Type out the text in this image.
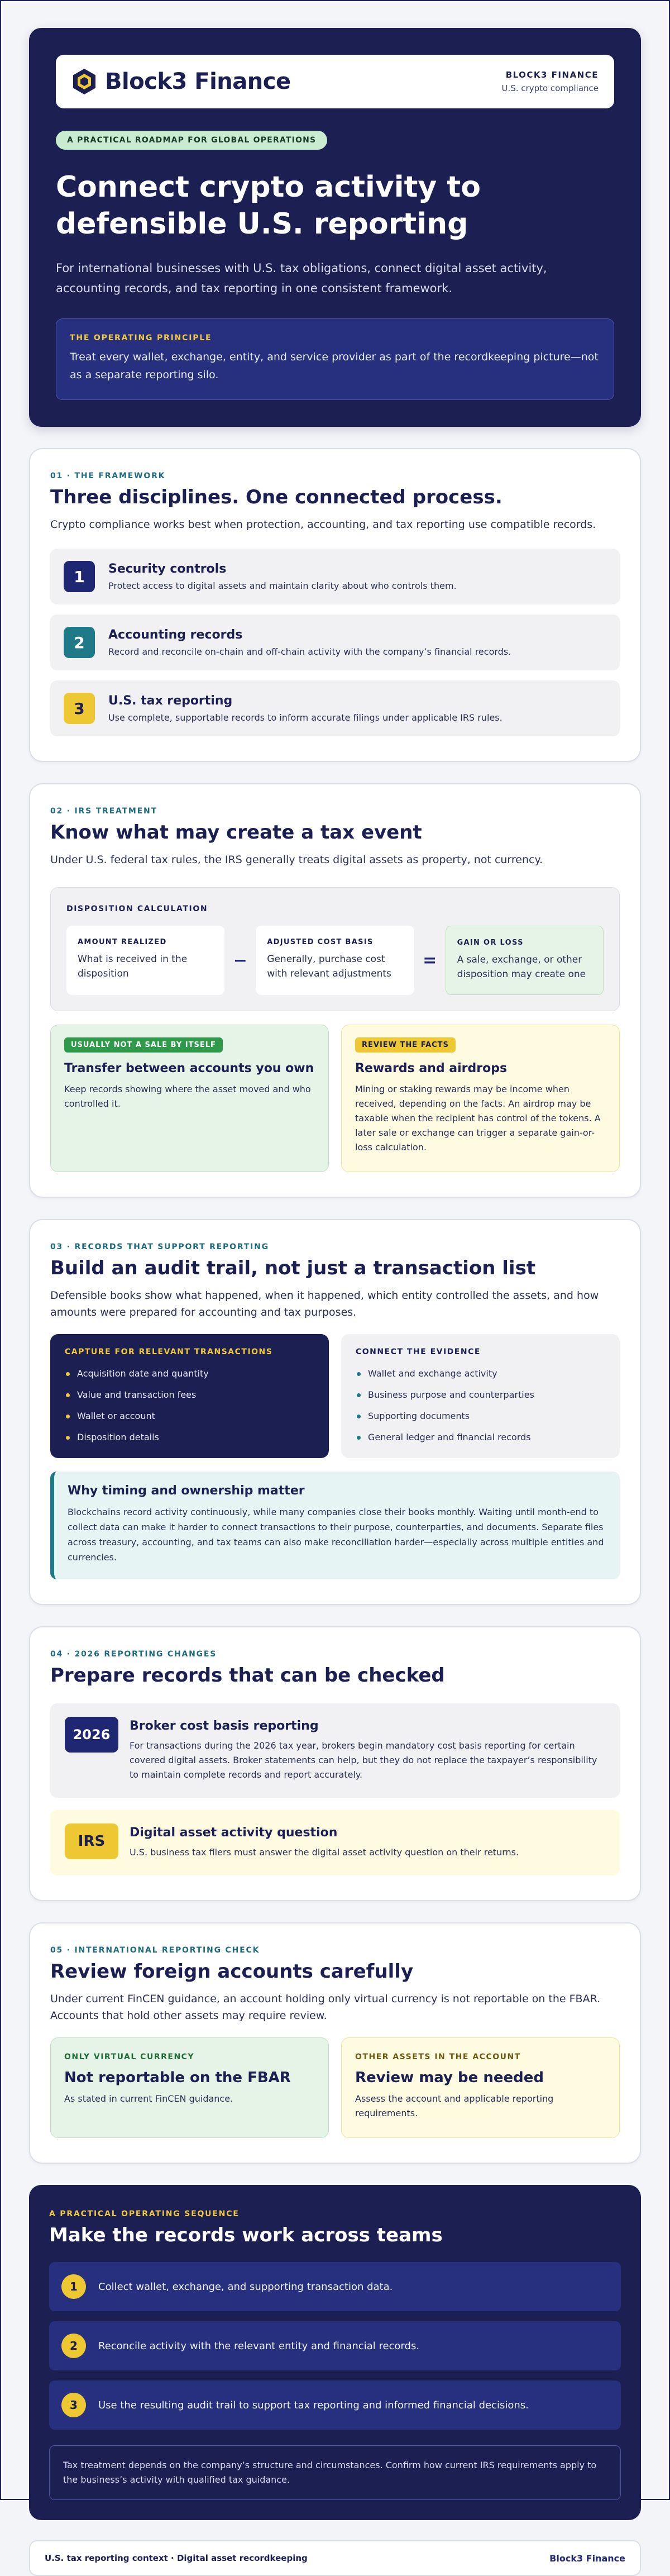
Block3 Finance	BLOCK3 FINANCE
U.S. crypto compliance
A PRACTICAL ROADMAP FOR GLOBAL OPERATIONS
Connect crypto activity to
defensible U.S. reporting

For international businesses with U.S. tax obligations, connect digital asset activity, accounting records, and tax reporting in one consistent framework.

THE OPERATING PRINCIPLE
Treat every wallet, exchange, entity, and service provider as part of the recordkeeping picture—not as a separate reporting silo.
01 · THE FRAMEWORK
Three disciplines. One connected process.

Crypto compliance works best when protection, accounting, and tax reporting use compatible records.

1	Security controls
Protect access to digital assets and maintain clarity about who controls them.
2	Accounting records
Record and reconcile on-chain and off-chain activity with the company’s financial records.
3	U.S. tax reporting
Use complete, supportable records to inform accurate filings under applicable IRS rules.
02 · IRS TREATMENT
Know what may create a tax event

Under U.S. federal tax rules, the IRS generally treats digital assets as property, not currency.

DISPOSITION CALCULATION
AMOUNT REALIZED
What is received in the disposition
−
ADJUSTED COST BASIS
Generally, purchase cost with relevant adjustments
=
GAIN OR LOSS
A sale, exchange, or other disposition may create one
USUALLY NOT A SALE BY ITSELF
Transfer between accounts you own
Keep records showing where the asset moved and who controlled it.
REVIEW THE FACTS
Rewards and airdrops
Mining or staking rewards may be income when received, depending on the facts. An airdrop may be taxable when the recipient has control of the tokens. A later sale or exchange can trigger a separate gain-or-loss calculation.
03 · RECORDS THAT SUPPORT REPORTING
Build an audit trail, not just a transaction list

Defensible books show what happened, when it happened, which entity controlled the assets, and how amounts were prepared for accounting and tax purposes.

CAPTURE FOR RELEVANT TRANSACTIONS
Acquisition date and quantity
Value and transaction fees
Wallet or account
Disposition details
CONNECT THE EVIDENCE
Wallet and exchange activity
Business purpose and counterparties
Supporting documents
General ledger and financial records
Why timing and ownership matter
Blockchains record activity continuously, while many companies close their books monthly. Waiting until month-end to collect data can make it harder to connect transactions to their purpose, counterparties, and documents. Separate files across treasury, accounting, and tax teams can also make reconciliation harder—especially across multiple entities and currencies.
04 · 2026 REPORTING CHANGES
Prepare records that can be checked
2026
Broker cost basis reporting
For transactions during the 2026 tax year, brokers begin mandatory cost basis reporting for certain covered digital assets. Broker statements can help, but they do not replace the taxpayer’s responsibility to maintain complete records and report accurately.
IRS
Digital asset activity question
U.S. business tax filers must answer the digital asset activity question on their returns.
05 · INTERNATIONAL REPORTING CHECK
Review foreign accounts carefully

Under current FinCEN guidance, an account holding only virtual currency is not reportable on the FBAR. Accounts that hold other assets may require review.

ONLY VIRTUAL CURRENCY
Not reportable on the FBAR
As stated in current FinCEN guidance.
OTHER ASSETS IN THE ACCOUNT
Review may be needed
Assess the account and applicable reporting requirements.
A PRACTICAL OPERATING SEQUENCE
Make the records work across teams
1	Collect wallet, exchange, and supporting transaction data.
2	Reconcile activity with the relevant entity and financial records.
3	Use the resulting audit trail to support tax reporting and informed financial decisions.
Tax treatment depends on the company’s structure and circumstances. Confirm how current IRS requirements apply to the business’s activity with qualified tax guidance.
U.S. tax reporting context · Digital asset recordkeeping	Block3 Finance
